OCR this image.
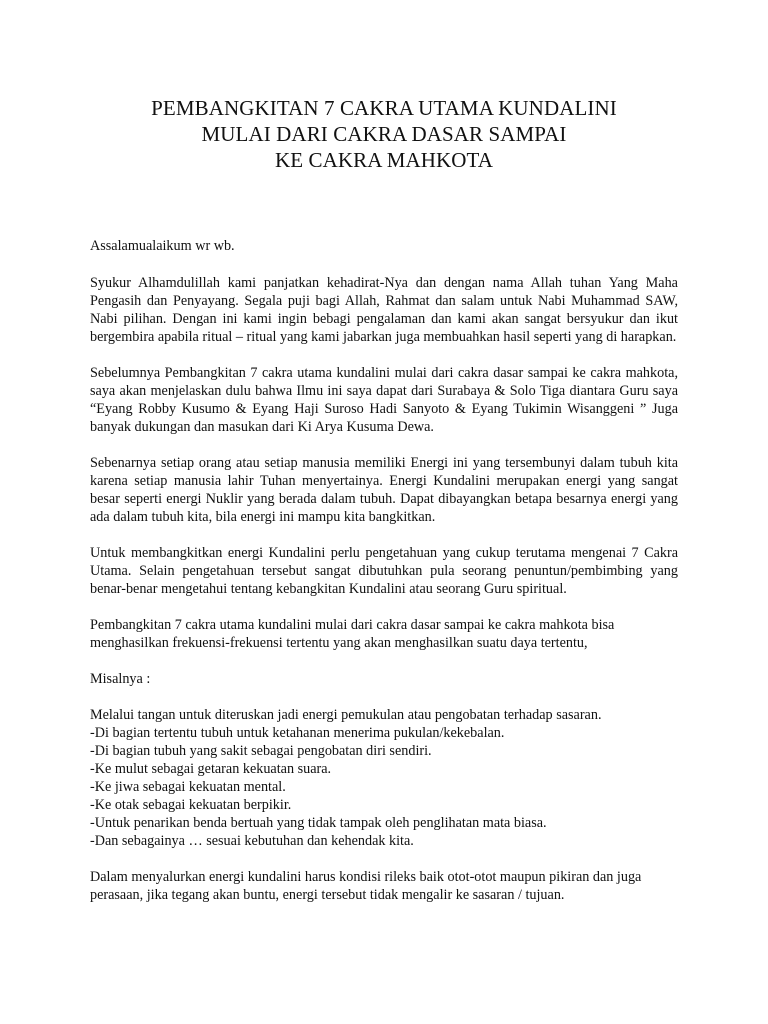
PEMBANGKITAN 7 CAKRA UTAMA KUNDALINI
MULAI DARI CAKRA DASAR SAMPAI
KE CAKRA MAHKOTA

Assalamualaikum wr wb.

Syukur Alhamdulillah kami panjatkan kehadirat-Nya dan dengan nama Allah tuhan Yang Maha Pengasih dan Penyayang. Segala puji bagi Allah, Rahmat dan salam untuk Nabi Muhammad SAW, Nabi pilihan. Dengan ini kami ingin bebagi pengalaman dan kami akan sangat bersyukur dan ikut bergembira apabila ritual – ritual yang kami jabarkan juga membuahkan hasil seperti yang di harapkan.

Sebelumnya Pembangkitan 7 cakra utama kundalini mulai dari cakra dasar sampai ke cakra mahkota, saya akan menjelaskan dulu bahwa Ilmu ini saya dapat dari Surabaya & Solo Tiga diantara Guru saya “Eyang Robby Kusumo & Eyang Haji Suroso Hadi Sanyoto & Eyang Tukimin Wisanggeni ” Juga banyak dukungan dan masukan dari Ki Arya Kusuma Dewa.

Sebenarnya setiap orang atau setiap manusia memiliki Energi ini yang tersembunyi dalam tubuh kita karena setiap manusia lahir Tuhan menyertainya. Energi Kundalini merupakan energi yang sangat besar seperti energi Nuklir yang berada dalam tubuh. Dapat dibayangkan betapa besarnya energi yang ada dalam tubuh kita, bila energi ini mampu kita bangkitkan.

Untuk membangkitkan energi Kundalini perlu pengetahuan yang cukup terutama mengenai 7 Cakra Utama. Selain pengetahuan tersebut sangat dibutuhkan pula seorang penuntun/pembimbing yang benar-benar mengetahui tentang kebangkitan Kundalini atau seorang Guru spiritual.

Pembangkitan 7 cakra utama kundalini mulai dari cakra dasar sampai ke cakra mahkota bisa menghasilkan frekuensi-frekuensi tertentu yang akan menghasilkan suatu daya tertentu,

Misalnya :

Melalui tangan untuk diteruskan jadi energi pemukulan atau pengobatan terhadap sasaran.
-Di bagian tertentu tubuh untuk ketahanan menerima pukulan/kekebalan.
-Di bagian tubuh yang sakit sebagai pengobatan diri sendiri.
-Ke mulut sebagai getaran kekuatan suara.
-Ke jiwa sebagai kekuatan mental.
-Ke otak sebagai kekuatan berpikir.
-Untuk penarikan benda bertuah yang tidak tampak oleh penglihatan mata biasa.
-Dan sebagainya … sesuai kebutuhan dan kehendak kita.

Dalam menyalurkan energi kundalini harus kondisi rileks baik otot-otot maupun pikiran dan juga perasaan, jika tegang akan buntu, energi tersebut tidak mengalir ke sasaran / tujuan.
